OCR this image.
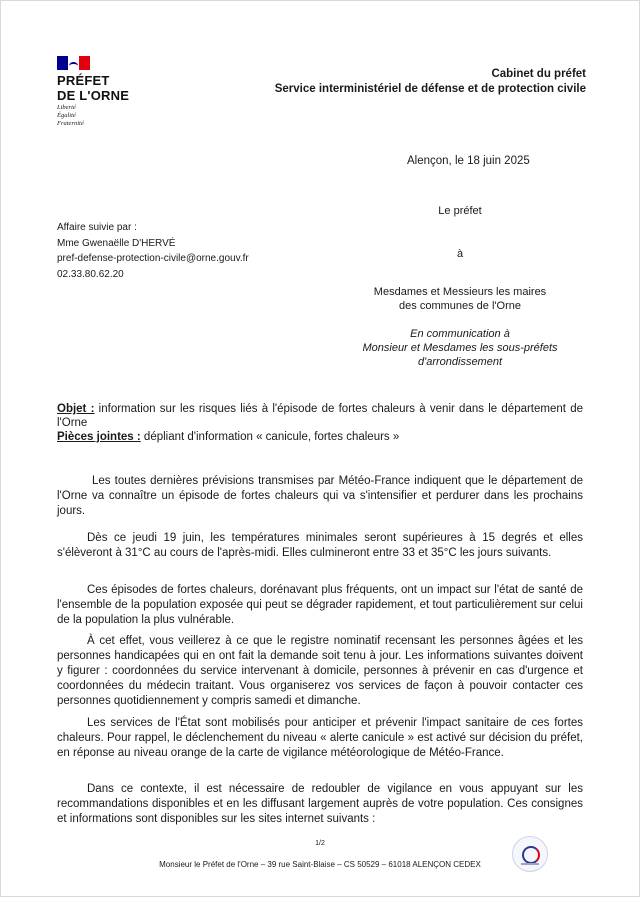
PRÉFET
DE L'ORNE
Liberté
Égalité
Fraternité
Cabinet du préfet
Service interministériel de défense et de protection civile
Alençon, le 18 juin 2025
Affaire suivie par :
Mme Gwenaëlle D'HERVÉ
pref-defense-protection-civile@orne.gouv.fr
02.33.80.62.20
Le préfet
à
Mesdames et Messieurs les maires
des communes de l'Orne
En communication à
Monsieur et Mesdames les sous-préfets
d'arrondissement
Objet : information sur les risques liés à l'épisode de fortes chaleurs à venir dans le département de l'Orne
Pièces jointes : dépliant d'information « canicule, fortes chaleurs »
Les toutes dernières prévisions transmises par Météo-France indiquent que le département de l'Orne va connaître un épisode de fortes chaleurs qui va s'intensifier et perdurer dans les prochains jours.
Dès ce jeudi 19 juin, les températures minimales seront supérieures à 15 degrés et elles s'élèveront à 31°C au cours de l'après-midi. Elles culmineront entre 33 et 35°C les jours suivants.
Ces épisodes de fortes chaleurs, dorénavant plus fréquents, ont un impact sur l'état de santé de l'ensemble de la population exposée qui peut se dégrader rapidement, et tout particulièrement sur celui de la population la plus vulnérable.
À cet effet, vous veillerez à ce que le registre nominatif recensant les personnes âgées et les personnes handicapées qui en ont fait la demande soit tenu à jour. Les informations suivantes doivent y figurer : coordonnées du service intervenant à domicile, personnes à prévenir en cas d'urgence et coordonnées du médecin traitant. Vous organiserez vos services de façon à pouvoir contacter ces personnes quotidiennement y compris samedi et dimanche.
Les services de l'État sont mobilisés pour anticiper et prévenir l'impact sanitaire de ces fortes chaleurs. Pour rappel, le déclenchement du niveau « alerte canicule » est activé sur décision du préfet, en réponse au niveau orange de la carte de vigilance météorologique de Météo-France.
Dans ce contexte, il est nécessaire de redoubler de vigilance en vous appuyant sur les recommandations disponibles et en les diffusant largement auprès de votre population. Ces consignes et informations sont disponibles sur les sites internet suivants :
1/2
Monsieur le Préfet de l'Orne – 39 rue Saint-Blaise – CS 50529 – 61018 ALENÇON CEDEX
